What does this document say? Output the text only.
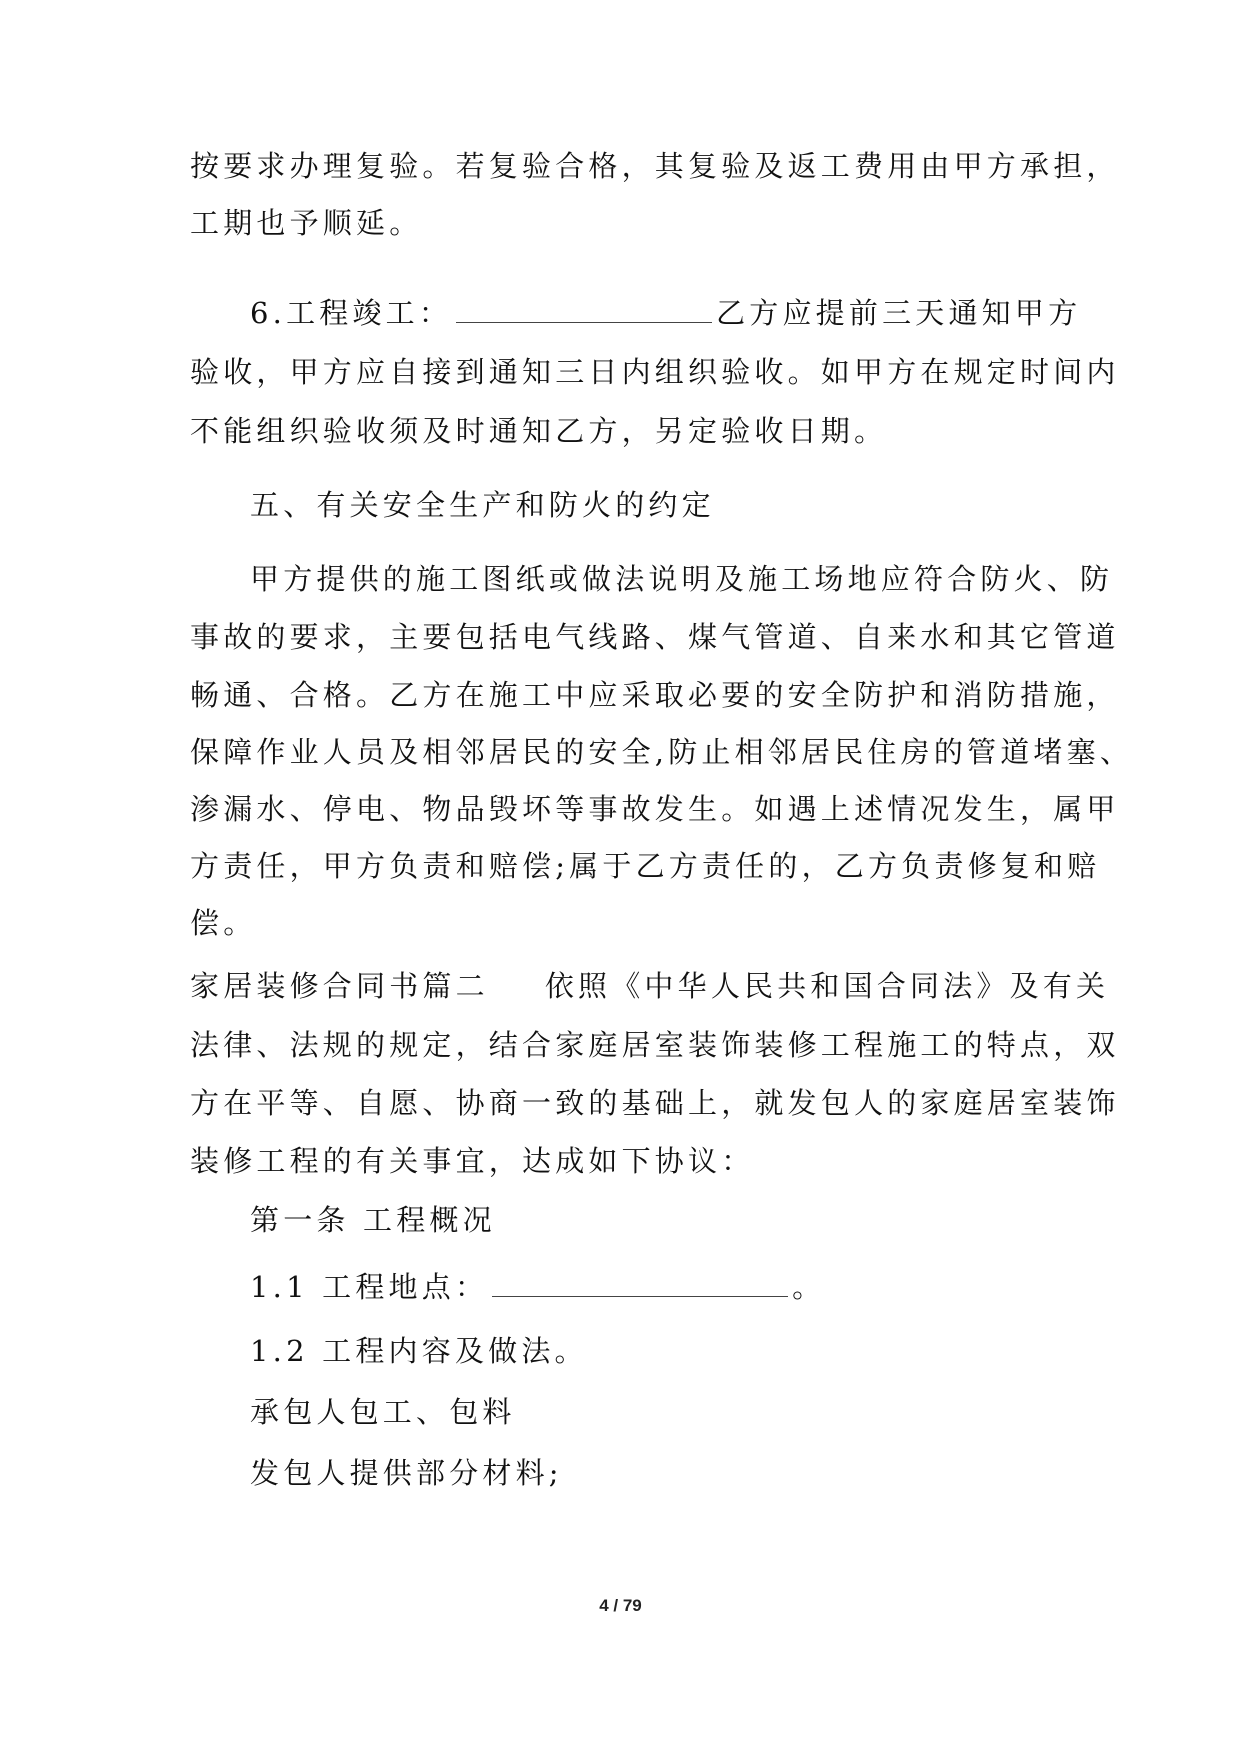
按要求办理复验。若复验合格，其复验及返工费用由甲方承担，
工期也予顺延。
6.工程竣工：	乙方应提前三天通知甲方
验收，甲方应自接到通知三日内组织验收。如甲方在规定时间内
不能组织验收须及时通知乙方，另定验收日期。
五、有关安全生产和防火的约定
甲方提供的施工图纸或做法说明及施工场地应符合防火、防
事故的要求，主要包括电气线路、煤气管道、自来水和其它管道
畅通、合格。乙方在施工中应采取必要的安全防护和消防措施，
保障作业人员及相邻居民的安全,防止相邻居民住房的管道堵塞、
渗漏水、停电、物品毁坏等事故发生。如遇上述情况发生，属甲
方责任，甲方负责和赔偿;属于乙方责任的，乙方负责修复和赔
偿。
家居装修合同书篇二 依照《中华人民共和国合同法》及有关
法律、法规的规定，结合家庭居室装饰装修工程施工的特点，双
方在平等、自愿、协商一致的基础上，就发包人的家庭居室装饰
装修工程的有关事宜，达成如下协议：
第一条 工程概况
1.1 工程地点：	。
1.2 工程内容及做法。
承包人包工、包料
发包人提供部分材料;
4 / 79
